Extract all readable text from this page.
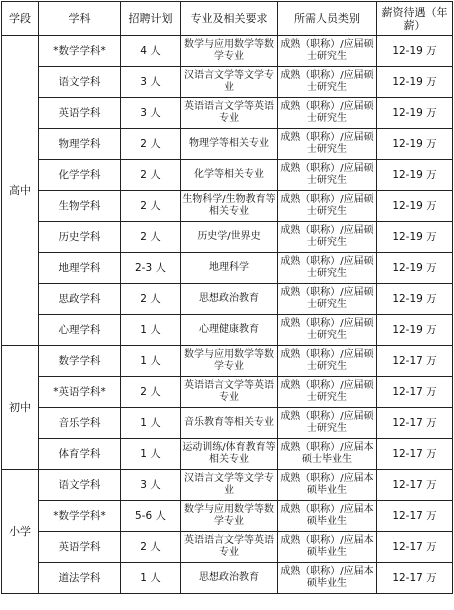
学段	学科	招聘计划	专业及相关要求	所需人员类别	薪资待遇（年薪）
高中	*数学学科*	4 人	数学与应用数学等数学专业	成熟（职称）/应届硕士研究生	12-19 万
	语文学科	3 人	汉语言文学等文学专业	成熟（职称）/应届硕士研究生	12-19 万
	英语学科	3 人	英语语言文学等英语专业	成熟（职称）/应届硕士研究生	12-19 万
	物理学科	2 人	物理学等相关专业	成熟（职称）/应届硕士研究生	12-19 万
	化学学科	2 人	化学等相关专业	成熟（职称）/应届硕士研究生	12-19 万
	生物学科	2 人	生物科学/生物教育等相关专业	成熟（职称）/应届硕士研究生	12-19 万
	历史学科	2 人	历史学/世界史	成熟（职称）/应届硕士研究生	12-19 万
	地理学科	2-3 人	地理科学	成熟（职称）/应届硕士研究生	12-19 万
	思政学科	2 人	思想政治教育	成熟（职称）/应届硕士研究生	12-19 万
	心理学科	1 人	心理健康教育	成熟（职称）/应届硕士研究生	12-19 万
初中	数学学科	1 人	数学与应用数学等数学专业	成熟（职称）/应届硕士研究生	12-17 万
	*英语学科*	2 人	英语语言文学等英语专业	成熟（职称）/应届硕士研究生	12-17 万
	音乐学科	1 人	音乐教育等相关专业	成熟（职称）/应届硕士研究生	12-17 万
	体育学科	1 人	运动训练/体育教育等相关专业	成熟（职称）/应届本硕士毕业生	12-17 万
小学	语文学科	3 人	汉语言文学等文学专业	成熟（职称）/应届本硕毕业生	12-17 万
	*数学学科*	5-6 人	数学与应用数学等数学专业	成熟（职称）/应届本硕毕业生	12-17 万
	英语学科	2 人	英语语言文学等英语专业	成熟（职称）/应届本硕毕业生	12-17 万
	道法学科	1 人	思想政治教育	成熟（职称）/应届本硕毕业生	12-17 万
